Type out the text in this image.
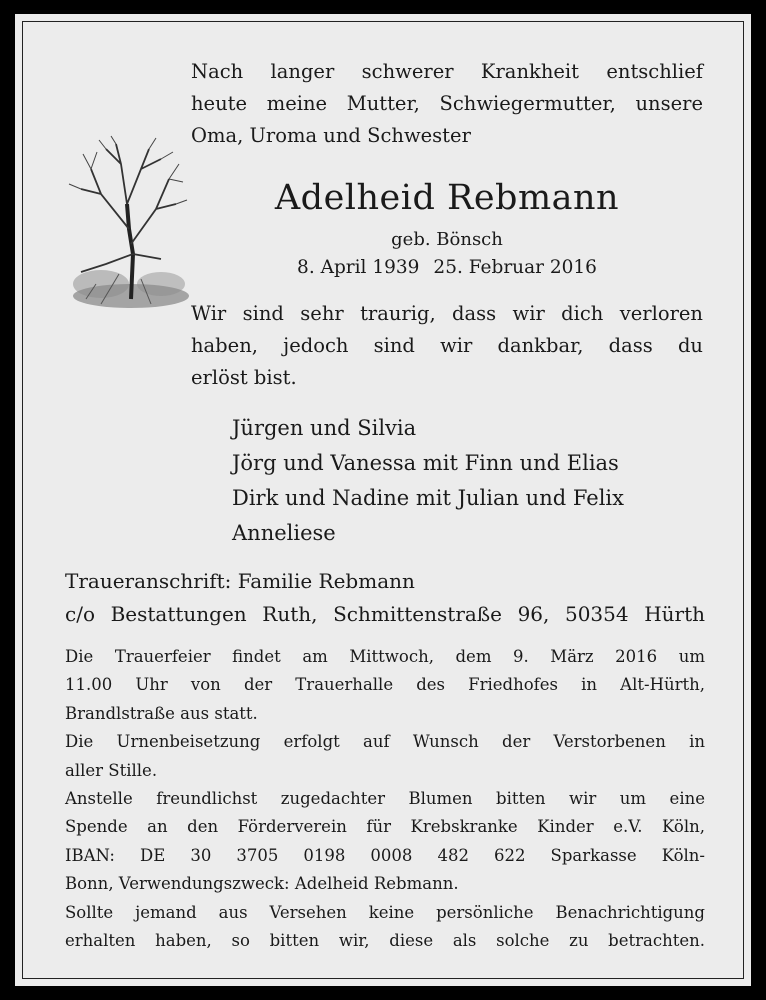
Nach langer schwerer Krankheit entschlief
heute meine Mutter, Schwiegermutter, unsere
Oma, Uroma und Schwester
Adelheid Rebmann
geb. Bönsch
8. April 1939 25. Februar 2016
Wir sind sehr traurig, dass wir dich verloren
haben, jedoch sind wir dankbar, dass du
erlöst bist.
Jürgen und Silvia
Jörg und Vanessa mit Finn und Elias
Dirk und Nadine mit Julian und Felix
Anneliese
Traueranschrift: Familie Rebmann
c/o Bestattungen Ruth, Schmittenstraße 96, 50354 Hürth
Die Trauerfeier findet am Mittwoch, dem 9. März 2016 um
11.00 Uhr von der Trauerhalle des Friedhofes in Alt-Hürth,
Brandlstraße aus statt.
Die Urnenbeisetzung erfolgt auf Wunsch der Verstorbenen in
aller Stille.
Anstelle freundlichst zugedachter Blumen bitten wir um eine
Spende an den Förderverein für Krebskranke Kinder e.V. Köln,
IBAN: DE 30 3705 0198 0008 482 622 Sparkasse Köln-
Bonn, Verwendungszweck: Adelheid Rebmann.
Sollte jemand aus Versehen keine persönliche Benachrichtigung
erhalten haben, so bitten wir, diese als solche zu betrachten.
